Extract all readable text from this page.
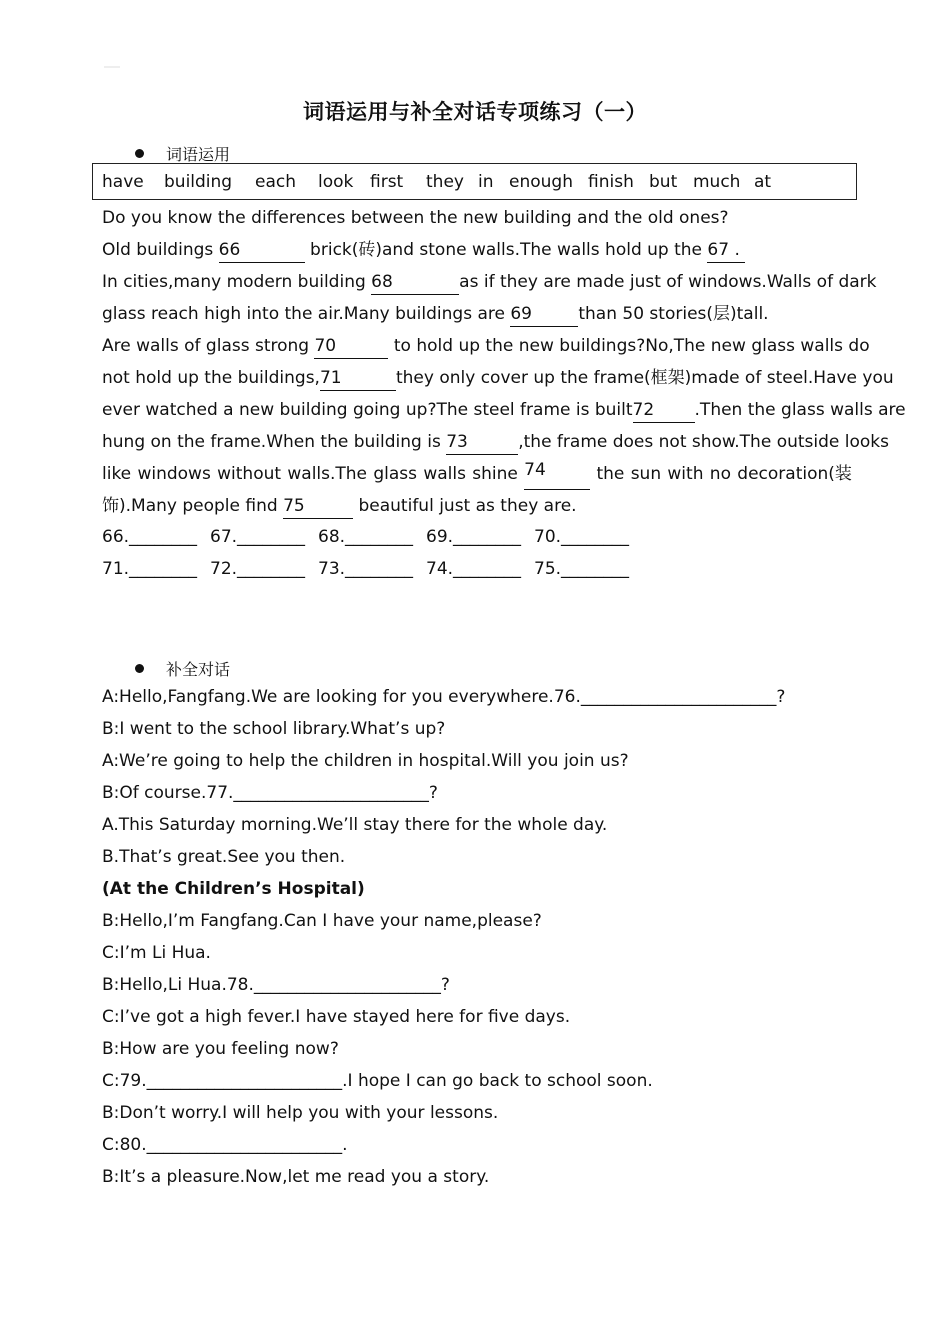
词语运用与补全对话专项练习（一）
词语运用
have	building	each	look first	they in enough finish but much at
Do you know the differences between the new building and the old ones?
Old buildings 66	brick(砖)and stone walls.The walls hold up the 67 .
In cities,many modern building 68	as if they are made just of windows.Walls of dark
glass reach high into the air.Many buildings are 69	than 50 stories(层)tall.
Are walls of glass strong 70	to hold up the new buildings?No,The new glass walls do
not hold up the buildings,71	they only cover up the frame(框架)made of steel.Have you
ever watched a new building going up?The steel frame is built72 .Then the glass walls are
hung on the frame.When the building is 73	,the frame does not show.The outside looks
like windows without walls.The glass walls shine 74	the sun with no decoration(装
饰).Many people find 75	beautiful just as they are.
66.________ 67.________ 68.________ 69.________ 70.________
71.________ 72.________ 73.________ 74.________ 75.________
补全对话
A:Hello,Fangfang.We are looking for you everywhere.76._______________________?
B:I went to the school library.What’s up?
A:We’re going to help the children in hospital.Will you join us?
B:Of course.77._______________________?
A.This Saturday morning.We’ll stay there for the whole day.
B.That’s great.See you then.
(At the Children’s Hospital)
B:Hello,I’m Fangfang.Can I have your name,please?
C:I’m Li Hua.
B:Hello,Li Hua.78.______________________?
C:I’ve got a high fever.I have stayed here for five days.
B:How are you feeling now?
C:79._______________________.I hope I can go back to school soon.
B:Don’t worry.I will help you with your lessons.
C:80._______________________.
B:It’s a pleasure.Now,let me read you a story.
